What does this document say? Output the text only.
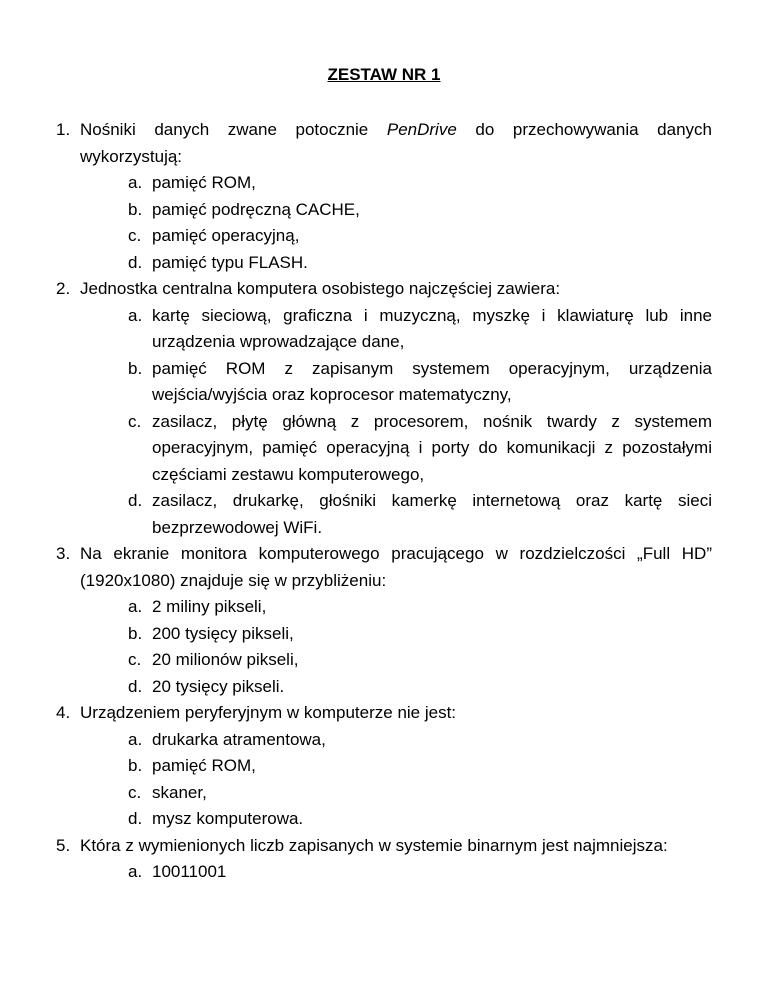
ZESTAW NR 1
1. Nośniki danych zwane potocznie PenDrive do przechowywania danych wykorzystują:
a. pamięć ROM,
b. pamięć podręczną CACHE,
c. pamięć operacyjną,
d. pamięć typu FLASH.
2. Jednostka centralna komputera osobistego najczęściej zawiera:
a. kartę sieciową, graficzna i muzyczną, myszkę i klawiaturę lub inne urządzenia wprowadzające dane,
b. pamięć ROM z zapisanym systemem operacyjnym, urządzenia wejścia/wyjścia oraz koprocesor matematyczny,
c. zasilacz, płytę główną z procesorem, nośnik twardy z systemem operacyjnym, pamięć operacyjną i porty do komunikacji z pozostałymi częściami zestawu komputerowego,
d. zasilacz, drukarkę, głośniki kamerkę internetową oraz kartę sieci bezprzewodowej WiFi.
3. Na ekranie monitora komputerowego pracującego w rozdzielczości „Full HD” (1920x1080) znajduje się w przybliżeniu:
a. 2 miliny pikseli,
b. 200 tysięcy pikseli,
c. 20 milionów pikseli,
d. 20 tysięcy pikseli.
4. Urządzeniem peryferyjnym w komputerze nie jest:
a. drukarka atramentowa,
b. pamięć ROM,
c. skaner,
d. mysz komputerowa.
5. Która z wymienionych liczb zapisanych w systemie binarnym jest najmniejsza:
a. 10011001
